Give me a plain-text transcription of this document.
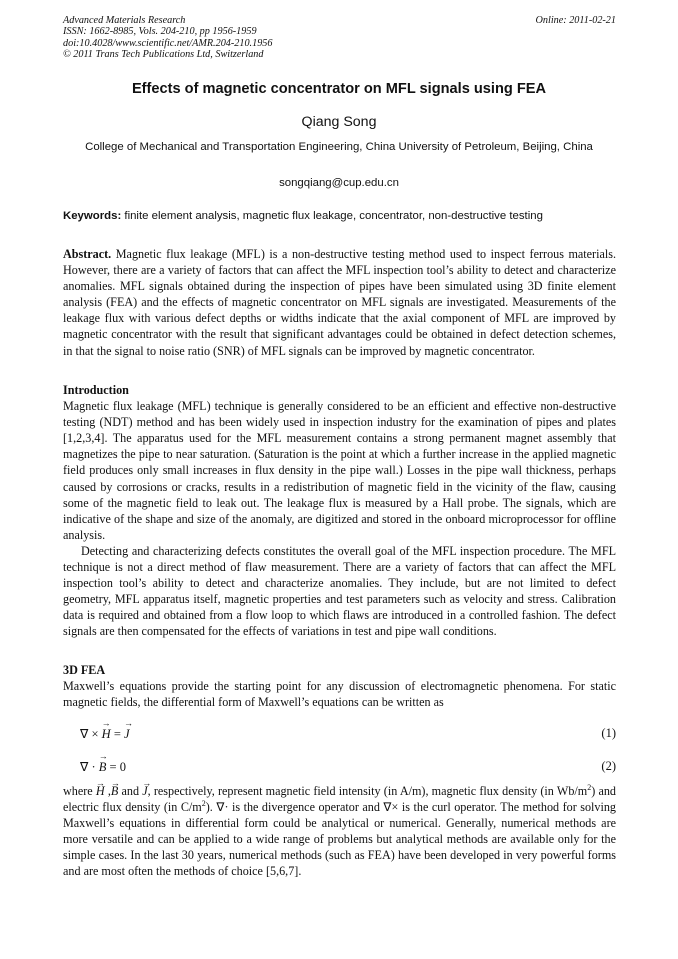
Advanced Materials Research
ISSN: 1662-8985, Vols. 204-210, pp 1956-1959
doi:10.4028/www.scientific.net/AMR.204-210.1956
© 2011 Trans Tech Publications Ltd, Switzerland
Online: 2011-02-21
Effects of magnetic concentrator on MFL signals using FEA
Qiang Song
College of Mechanical and Transportation Engineering, China University of Petroleum, Beijing, China
songqiang@cup.edu.cn
Keywords: finite element analysis, magnetic flux leakage, concentrator, non-destructive testing

Abstract. Magnetic flux leakage (MFL) is a non-destructive testing method used to inspect ferrous materials. However, there are a variety of factors that can affect the MFL inspection tool’s ability to detect and characterize anomalies. MFL signals obtained during the inspection of pipes have been simulated using 3D finite element analysis (FEA) and the effects of magnetic concentrator on MFL signals are investigated. Measurements of the leakage flux with various defect depths or widths indicate that the axial component of MFL are improved by magnetic concentrator with the result that significant advantages could be obtained in defect detection schemes, in that the signal to noise ratio (SNR) of MFL signals can be improved by magnetic concentrator.

Introduction

Magnetic flux leakage (MFL) technique is generally considered to be an efficient and effective non-destructive testing (NDT) method and has been widely used in inspection industry for the examination of pipes and plates [1,2,3,4]. The apparatus used for the MFL measurement contains a strong permanent magnet assembly that magnetizes the pipe to near saturation. (Saturation is the point at which a further increase in the applied magnetic field produces only small increases in flux density in the pipe wall.) Losses in the pipe wall thickness, perhaps caused by corrosions or cracks, results in a redistribution of magnetic field in the vicinity of the flaw, causing some of the magnetic field to leak out. The leakage flux is measured by a Hall probe. The signals, which are indicative of the shape and size of the anomaly, are digitized and stored in the onboard microprocessor for offline analysis.

Detecting and characterizing defects constitutes the overall goal of the MFL inspection procedure. The MFL technique is not a direct method of flaw measurement. There are a variety of factors that can affect the MFL inspection tool’s ability to detect and characterize anomalies. They include, but are not limited to defect geometry, MFL apparatus itself, magnetic properties and test parameters such as velocity and stress. Calibration data is required and obtained from a flow loop to which flaws are introduced in a controlled fashion. The defect signals are then compensated for the effects of variations in test and pipe wall conditions.

3D FEA

Maxwell’s equations provide the starting point for any discussion of electromagnetic phenomena. For static magnetic fields, the differential form of Maxwell’s equations can be written as

∇ × → H = → J	(1)
∇ · → B = 0	(2)

where → H ,→ B and → J, respectively, represent magnetic field intensity (in A/m), magnetic flux density (in $Wb/m^2$) and electric flux density (in $C/m^2$). ∇· is the divergence operator and ∇× is the curl operator. The method for solving Maxwell’s equations in differential form could be analytical or numerical. Generally, numerical methods are more versatile and can be applied to a wide range of problems but analytical methods are available only for the simple cases. In the last 30 years, numerical methods (such as FEA) have been developed in very powerful forms and are most often the methods of choice [5,6,7].
